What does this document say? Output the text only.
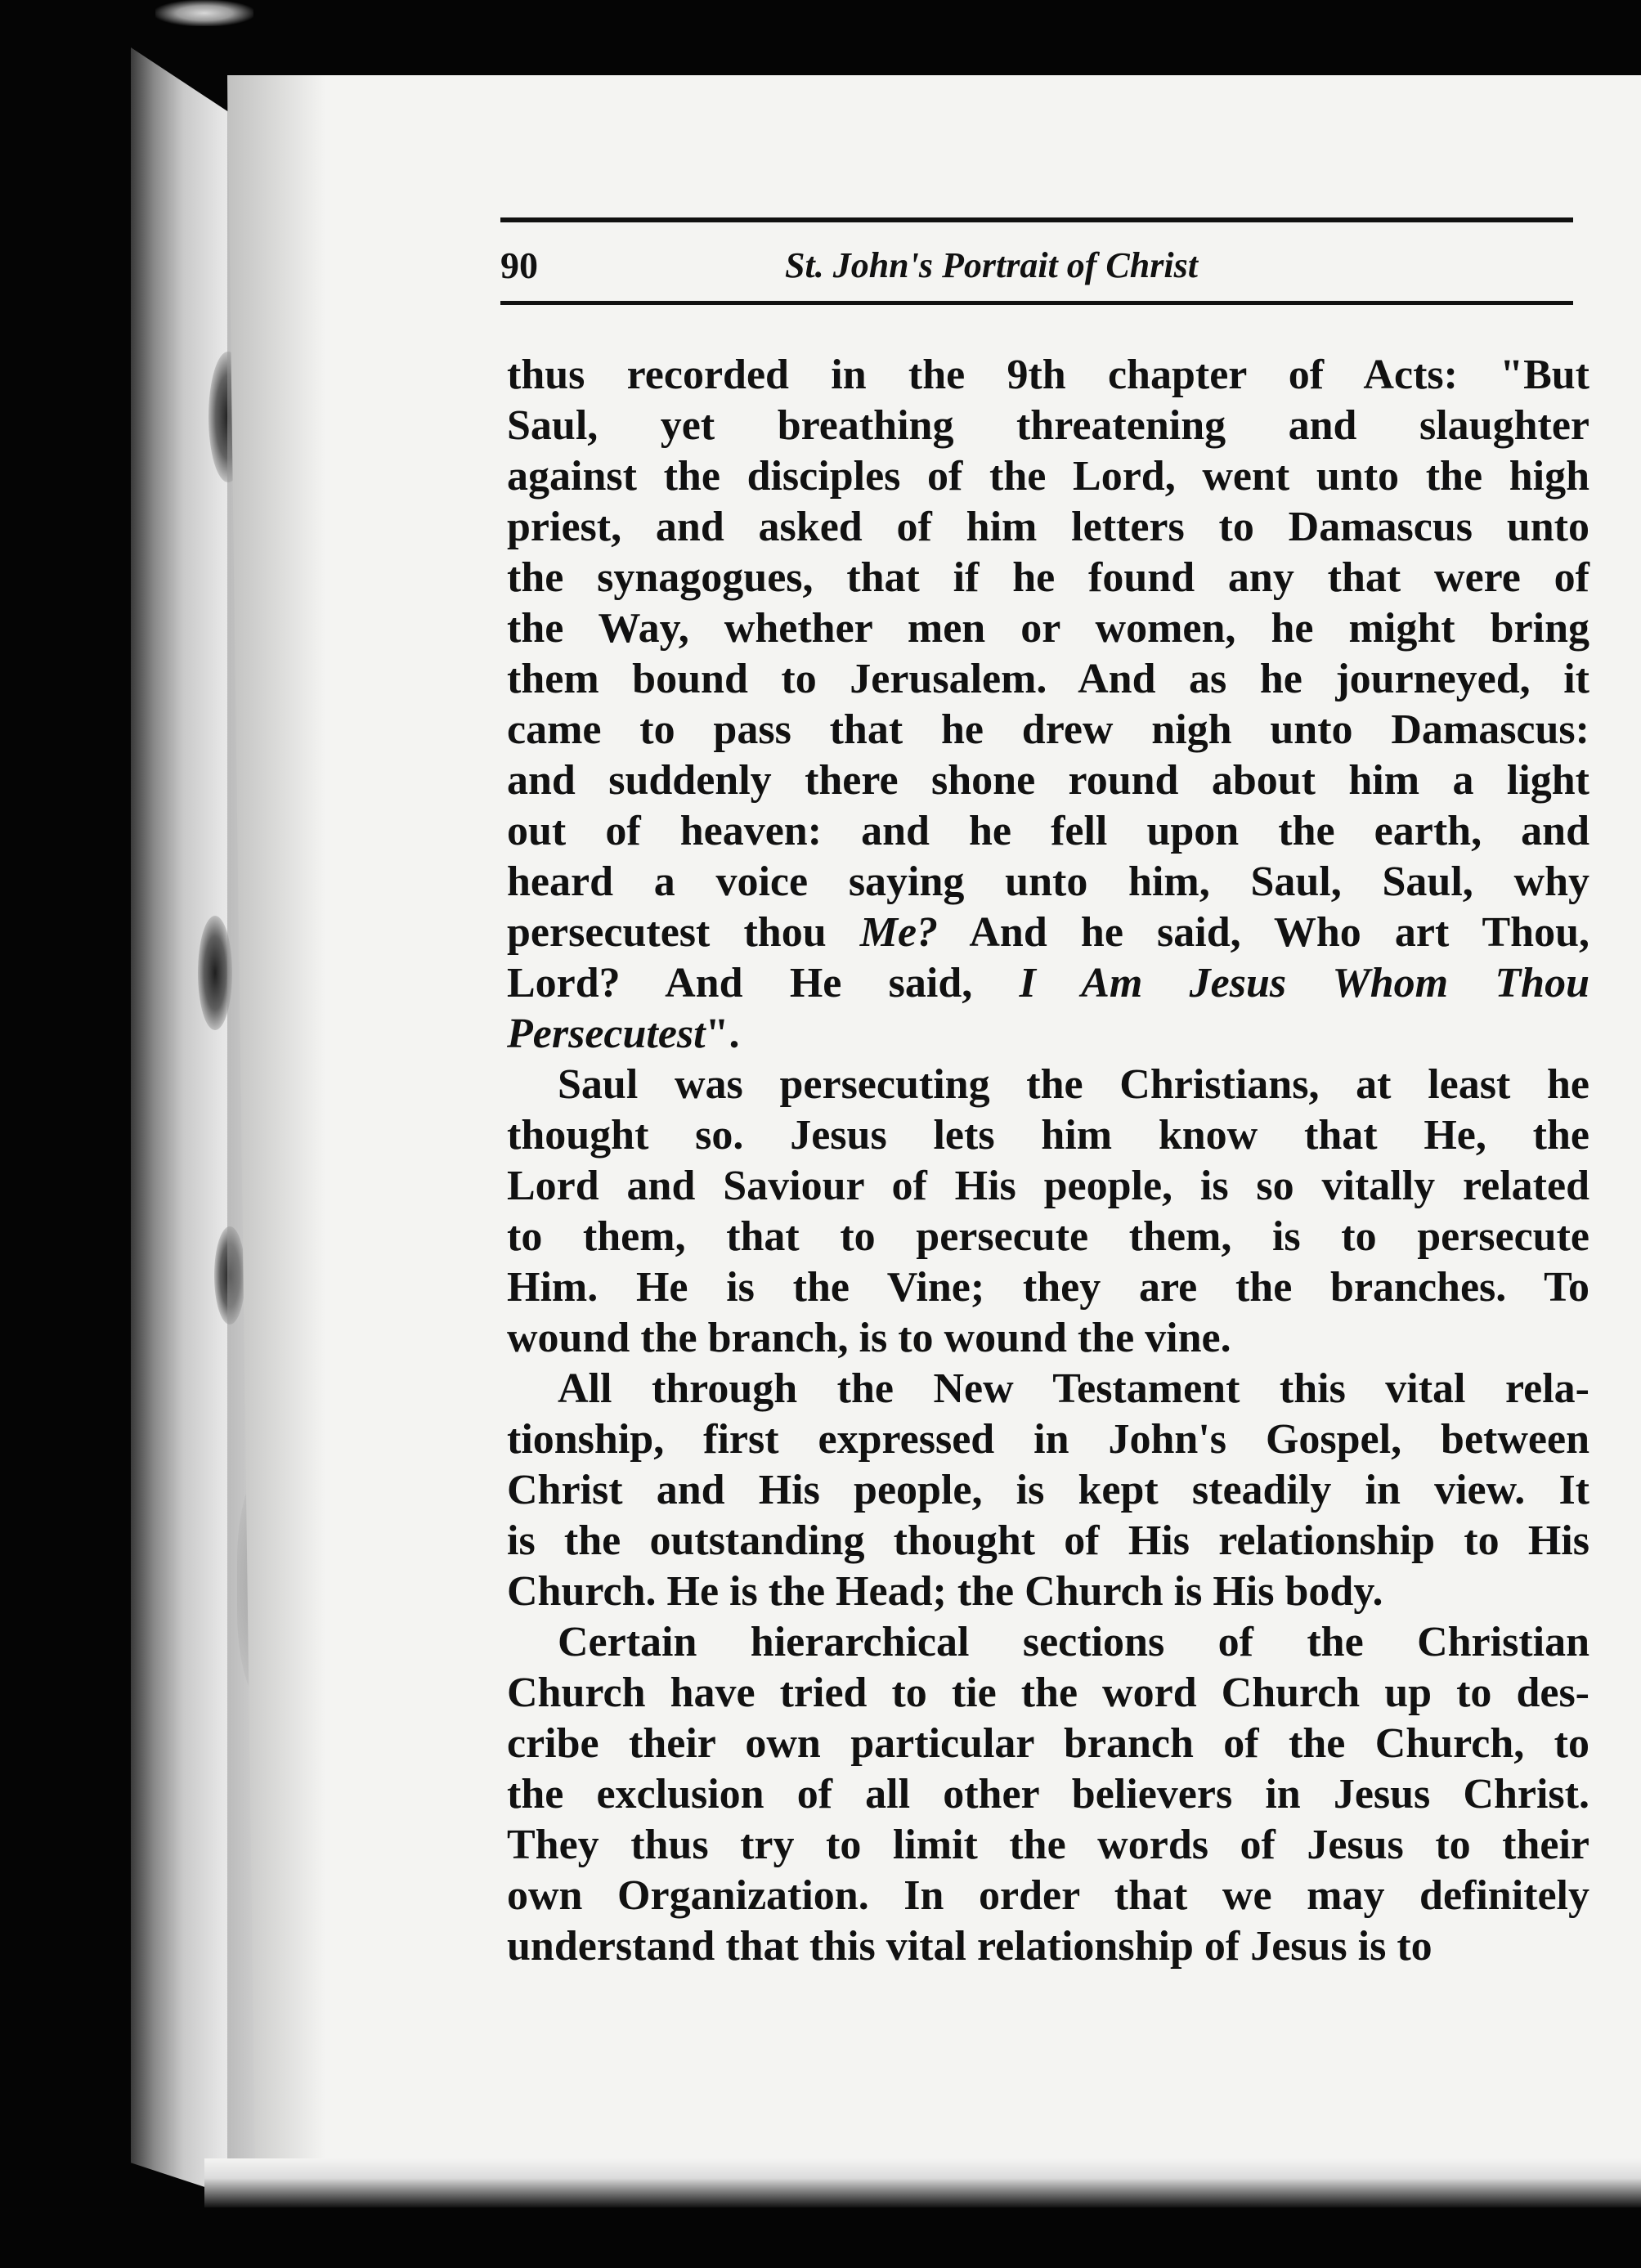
90	St. John's Portrait of Christ
thus recorded in the 9th chapter of Acts: "But
Saul, yet breathing threatening and slaughter
against the disciples of the Lord, went unto the high
priest, and asked of him letters to Damascus unto
the synagogues, that if he found any that were of
the Way, whether men or women, he might bring
them bound to Jerusalem. And as he journeyed, it
came to pass that he drew nigh unto Damascus:
and suddenly there shone round about him a light
out of heaven: and he fell upon the earth, and
heard a voice saying unto him, Saul, Saul, why
persecutest thou Me? And he said, Who art Thou,
Lord? And He said, I Am Jesus Whom Thou
Persecutest".
Saul was persecuting the Christians, at least he
thought so. Jesus lets him know that He, the
Lord and Saviour of His people, is so vitally related
to them, that to persecute them, is to persecute
Him. He is the Vine; they are the branches. To
wound the branch, is to wound the vine.
All through the New Testament this vital rela-
tionship, first expressed in John's Gospel, between
Christ and His people, is kept steadily in view. It
is the outstanding thought of His relationship to His
Church. He is the Head; the Church is His body.
Certain hierarchical sections of the Christian
Church have tried to tie the word Church up to des-
cribe their own particular branch of the Church, to
the exclusion of all other believers in Jesus Christ.
They thus try to limit the words of Jesus to their
own Organization. In order that we may definitely
understand that this vital relationship of Jesus is to
